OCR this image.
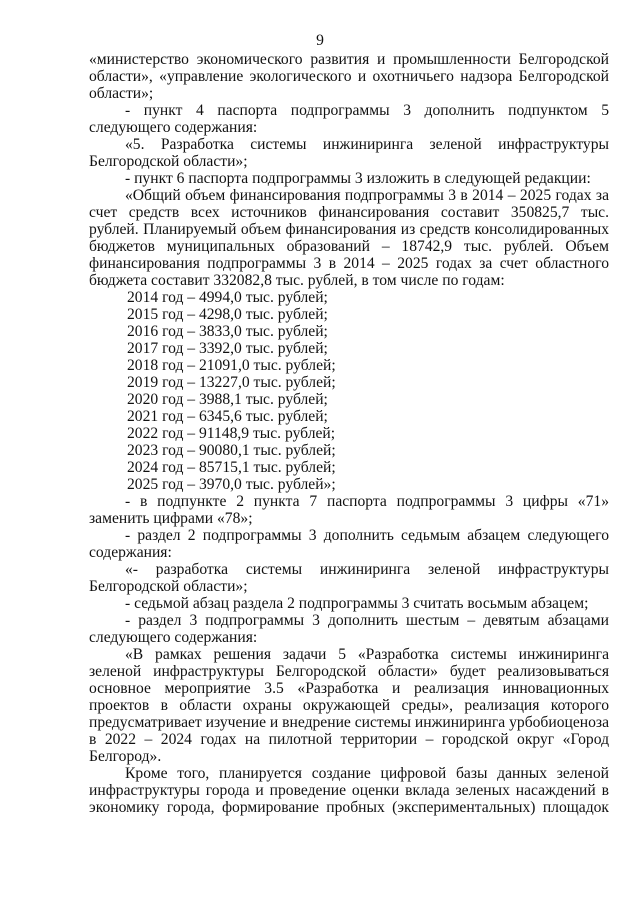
9

«министерство экономического развития и промышленности Белгородской области», «управление экологического и охотничьего надзора Белгородской области»;

- пункт 4 паспорта подпрограммы 3 дополнить подпунктом 5 следующего содержания:

«5. Разработка системы инжиниринга зеленой инфраструктуры Белгородской области»;

- пункт 6 паспорта подпрограммы 3 изложить в следующей редакции:

«Общий объем финансирования подпрограммы 3 в 2014 – 2025 годах за счет средств всех источников финансирования составит 350825,7 тыс. рублей. Планируемый объем финансирования из средств консолидированных бюджетов муниципальных образований – 18742,9 тыс. рублей. Объем финансирования подпрограммы 3 в 2014 – 2025 годах за счет областного бюджета составит 332082,8 тыс. рублей, в том числе по годам:

2014 год – 4994,0 тыс. рублей;

2015 год – 4298,0 тыс. рублей;

2016 год – 3833,0 тыс. рублей;

2017 год – 3392,0 тыс. рублей;

2018 год – 21091,0 тыс. рублей;

2019 год – 13227,0 тыс. рублей;

2020 год – 3988,1 тыс. рублей;

2021 год – 6345,6 тыс. рублей;

2022 год – 91148,9 тыс. рублей;

2023 год – 90080,1 тыс. рублей;

2024 год – 85715,1 тыс. рублей;

2025 год – 3970,0 тыс. рублей»;

- в подпункте 2 пункта 7 паспорта подпрограммы 3 цифры «71» заменить цифрами «78»;

- раздел 2 подпрограммы 3 дополнить седьмым абзацем следующего содержания:

«- разработка системы инжиниринга зеленой инфраструктуры Белгородской области»;

- седьмой абзац раздела 2 подпрограммы 3 считать восьмым абзацем;

- раздел 3 подпрограммы 3 дополнить шестым – девятым абзацами следующего содержания:

«В рамках решения задачи 5 «Разработка системы инжиниринга зеленой инфраструктуры Белгородской области» будет реализовываться основное мероприятие 3.5 «Разработка и реализация инновационных проектов в области охраны окружающей среды», реализация которого предусматривает изучение и внедрение системы инжиниринга урбобиоценоза в 2022 – 2024 годах на пилотной территории – городской округ «Город Белгород».

Кроме того, планируется создание цифровой базы данных зеленой инфраструктуры города и проведение оценки вклада зеленых насаждений в экономику города, формирование пробных (экспериментальных) площадок
